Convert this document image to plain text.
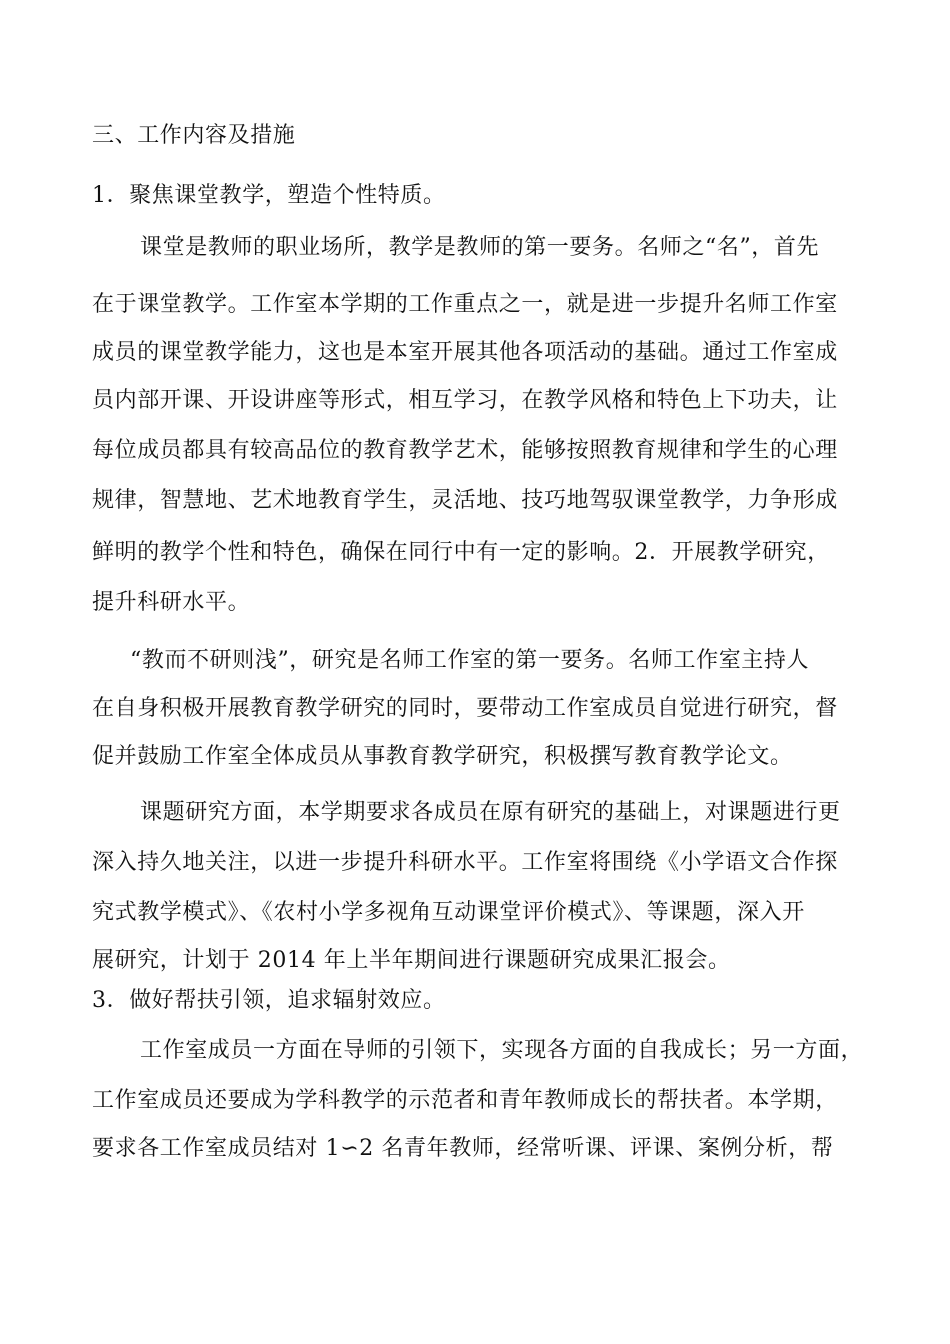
三、工作内容及措施
1．聚焦课堂教学，塑造个性特质。
课堂是教师的职业场所，教学是教师的第一要务。名师之“名”，首先
在于课堂教学。工作室本学期的工作重点之一，就是进一步提升名师工作室
成员的课堂教学能力，这也是本室开展其他各项活动的基础。通过工作室成
员内部开课、开设讲座等形式，相互学习，在教学风格和特色上下功夫，让
每位成员都具有较高品位的教育教学艺术，能够按照教育规律和学生的心理
规律，智慧地、艺术地教育学生，灵活地、技巧地驾驭课堂教学，力争形成
鲜明的教学个性和特色，确保在同行中有一定的影响。2．开展教学研究，
提升科研水平。
“教而不研则浅”，研究是名师工作室的第一要务。名师工作室主持人
在自身积极开展教育教学研究的同时，要带动工作室成员自觉进行研究，督
促并鼓励工作室全体成员从事教育教学研究，积极撰写教育教学论文。
课题研究方面，本学期要求各成员在原有研究的基础上，对课题进行更
深入持久地关注，以进一步提升科研水平。工作室将围绕《小学语文合作探
究式教学模式》、《农村小学多视角互动课堂评价模式》、等课题，深入开
展研究，计划于 2014 年上半年期间进行课题研究成果汇报会。
3．做好帮扶引领，追求辐射效应。
工作室成员一方面在导师的引领下，实现各方面的自我成长；另一方面，
工作室成员还要成为学科教学的示范者和青年教师成长的帮扶者。本学期，
要求各工作室成员结对 1∽2 名青年教师，经常听课、评课、案例分析，帮
